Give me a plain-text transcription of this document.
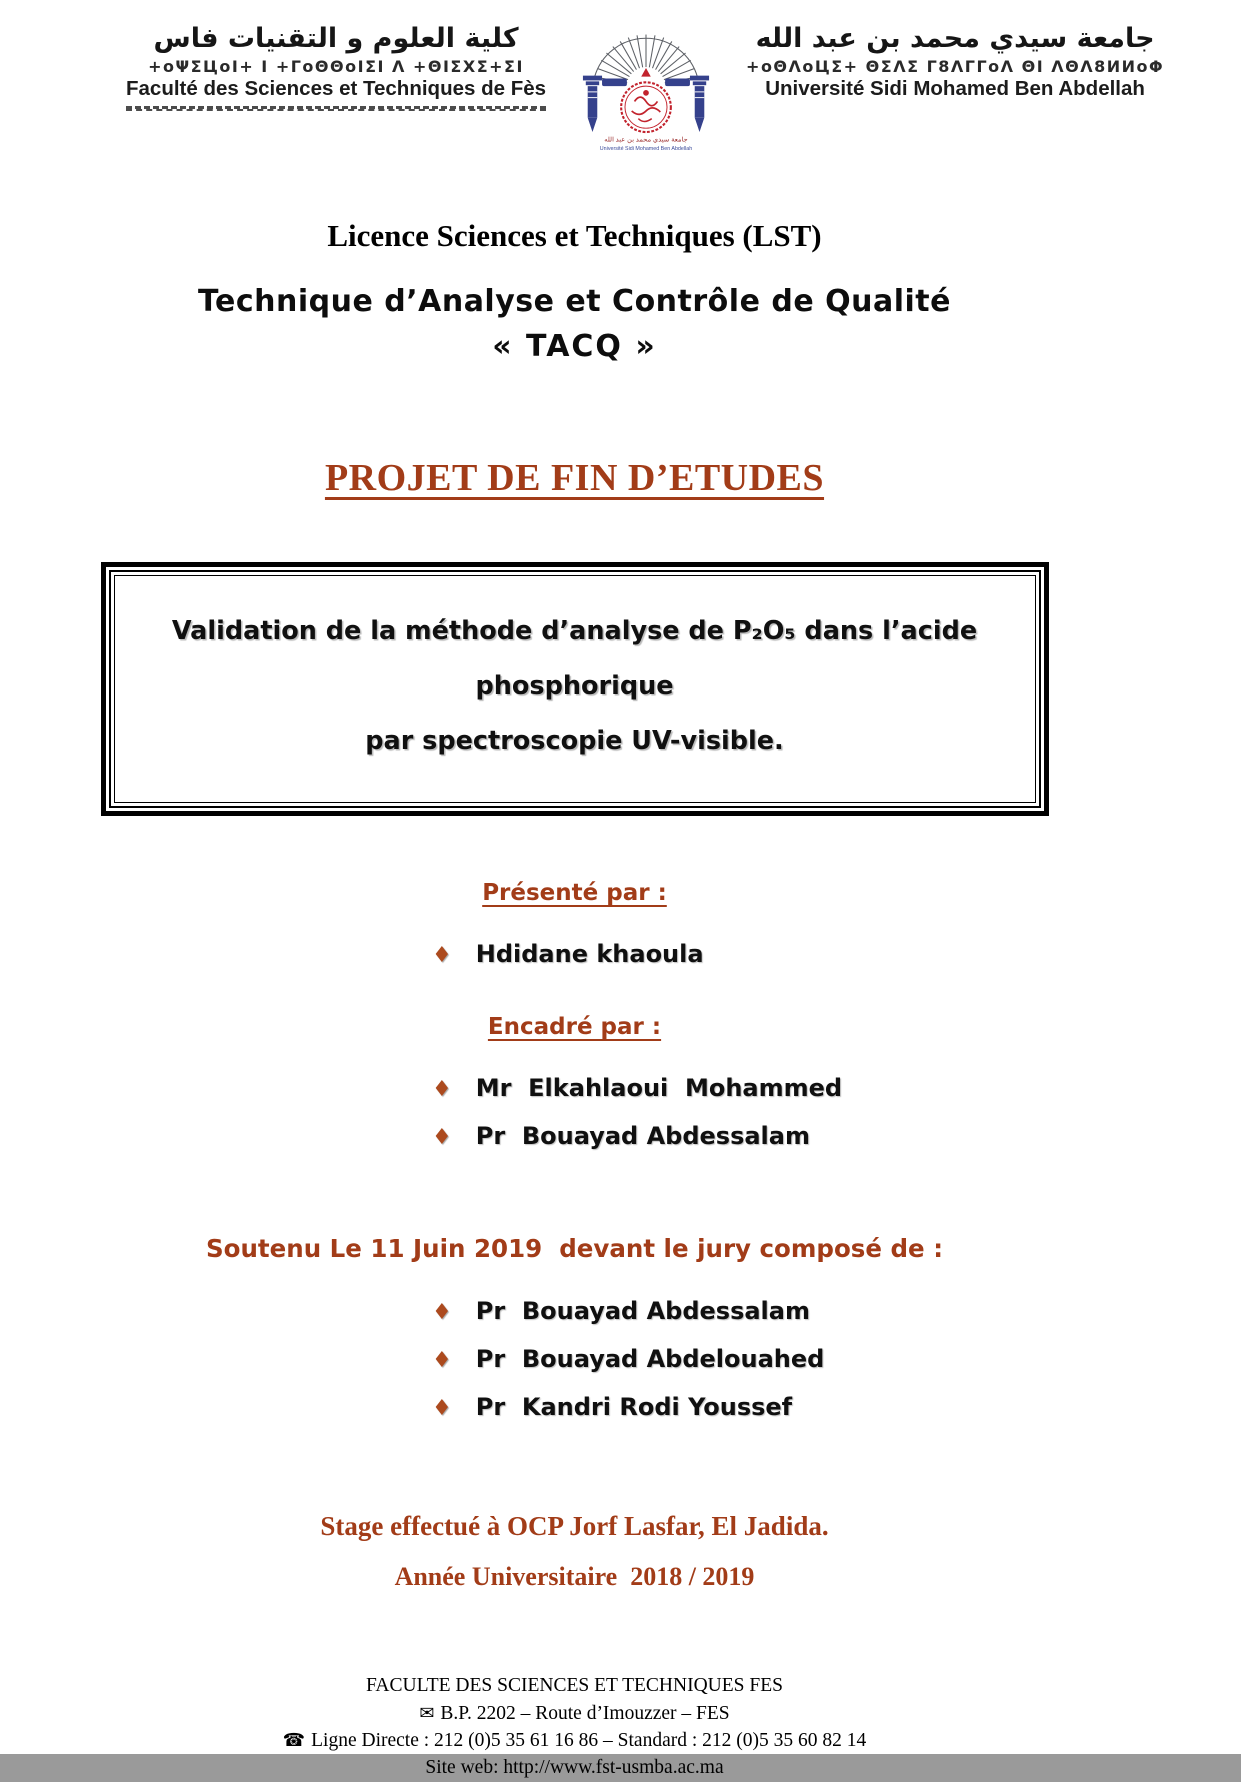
كلية العلوم و التقنيات فاس
+oΨΣЦoI+ I +ΓoΘΘoIΣI Λ +ΘIΣΧΣ+ΣI
Faculté des Sciences et Techniques de Fès
جامعة سيدي محمد بن عبد الله
Université Sidi Mohamed Ben Abdellah
جامعة سيدي محمد بن عبد الله
+oΘΛoЦΣ+ ΘΣΛΣ Γ8ΛΓΓoΛ ΘI ΛΘΛ8ИИoΦ
Université Sidi Mohamed Ben Abdellah
Licence Sciences et Techniques (LST)
Technique d’Analyse et Contrôle de Qualité
« TACQ »
PROJET DE FIN D’ETUDES
Validation de la méthode d’analyse de P₂O₅ dans l’acide phosphorique
par spectroscopie UV-visible.
Présenté par :
♦ Hdidane khaoula
Encadré par :
♦ Mr  Elkahlaoui  Mohammed
♦ Pr  Bouayad Abdessalam
Soutenu Le 11 Juin 2019  devant le jury composé de :
♦ Pr  Bouayad Abdessalam
♦ Pr  Bouayad Abdelouahed
♦ Pr  Kandri Rodi Youssef
Stage effectué à OCP Jorf Lasfar, El Jadida.
Année Universitaire  2018 / 2019
FACULTE DES SCIENCES ET TECHNIQUES FES
✉ B.P. 2202 – Route d’Imouzzer – FES
☎ Ligne Directe : 212 (0)5 35 61 16 86 – Standard : 212 (0)5 35 60 82 14
Site web: http://www.fst-usmba.ac.ma
